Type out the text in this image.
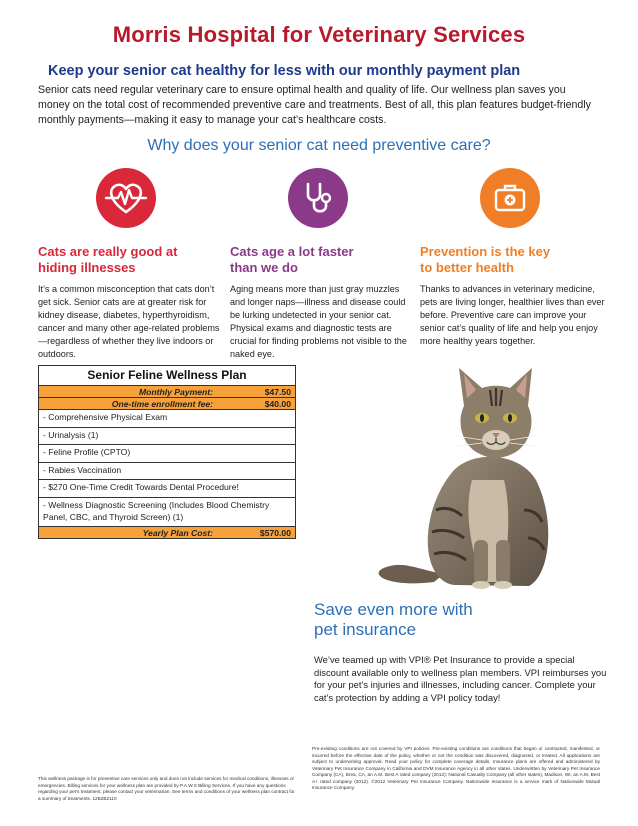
Morris Hospital for Veterinary Services
Keep your senior cat healthy for less with our monthly payment plan
Senior cats need regular veterinary care to ensure optimal health and quality of life. Our wellness plan saves you money on the total cost of recommended preventive care and treatments. Best of all, this plan features budget-friendly monthly payments—making it easy to manage your cat’s healthcare costs.
Why does your senior cat need preventive care?
Cats are really good at
hiding illnesses
It’s a common misconception that cats don’t get sick. Senior cats are at greater risk for kidney disease, diabetes, hyperthyroidism, cancer and many other age-related problems—regardless of whether they live indoors or outdoors.
Cats age a lot faster
than we do
Aging means more than just gray muzzles and longer naps—illness and disease could be lurking undetected in your senior cat. Physical exams and diagnostic tests are crucial for finding problems not visible to the naked eye.
Prevention is the key
to better health
Thanks to advances in veterinary medicine, pets are living longer, healthier lives than ever before. Preventive care can improve your senior cat’s quality of life and help you enjoy more healthy years together.
Senior Feline Wellness Plan
Monthly Payment:	$47.50
One-time enrollment fee:	$40.00
- Comprehensive Physical Exam
- Urinalysis (1)
- Feline Profile (CPTO)
- Rabies Vaccination
- $270 One-Time Credit Towards Dental Procedure!
- Wellness Diagnostic Screening (Includes Blood Chemistry Panel, CBC, and Thyroid Screen) (1)
Yearly Plan Cost:	$570.00
Save even more with
pet insurance
We’ve teamed up with VPI® Pet Insurance to provide a special discount available only to wellness plan members. VPI reimburses you for your pet’s injuries and illnesses, including cancer. Complete your cat’s protection by adding a VPI policy today!
This wellness package is for preventive care services only and does not include services for medical conditions, illnesses or emergencies. Billing services for your wellness plan are provided by P.A.W.S Billing Services. If you have any questions regarding your pet's treatment, please contact your veterinarian. See terms and conditions of your wellness plan contract for a summary of treatments. 12B2B2110
Pre-existing conditions are not covered by VPI policies. Pre-existing conditions are conditions that began or contracted, manifested, or incurred before the effective date of the policy, whether or not the condition was discovered, diagnosed, or treated. All applications are subject to underwriting approval. Read your policy for complete coverage details. Insurance plans are offered and administered by Veterinary Pet Insurance Company in California and DVM Insurance Agency in all other states. Underwritten by Veterinary Pet Insurance Company (CA), Brea, CA, an A.M. Best A rated company (2012); National Casualty Company (all other states), Madison, WI, an A.M. Best A+ rated company (2012). ©2012 Veterinary Pet Insurance Company. Nationwide Insurance is a service mark of Nationwide Mutual Insurance Company.
